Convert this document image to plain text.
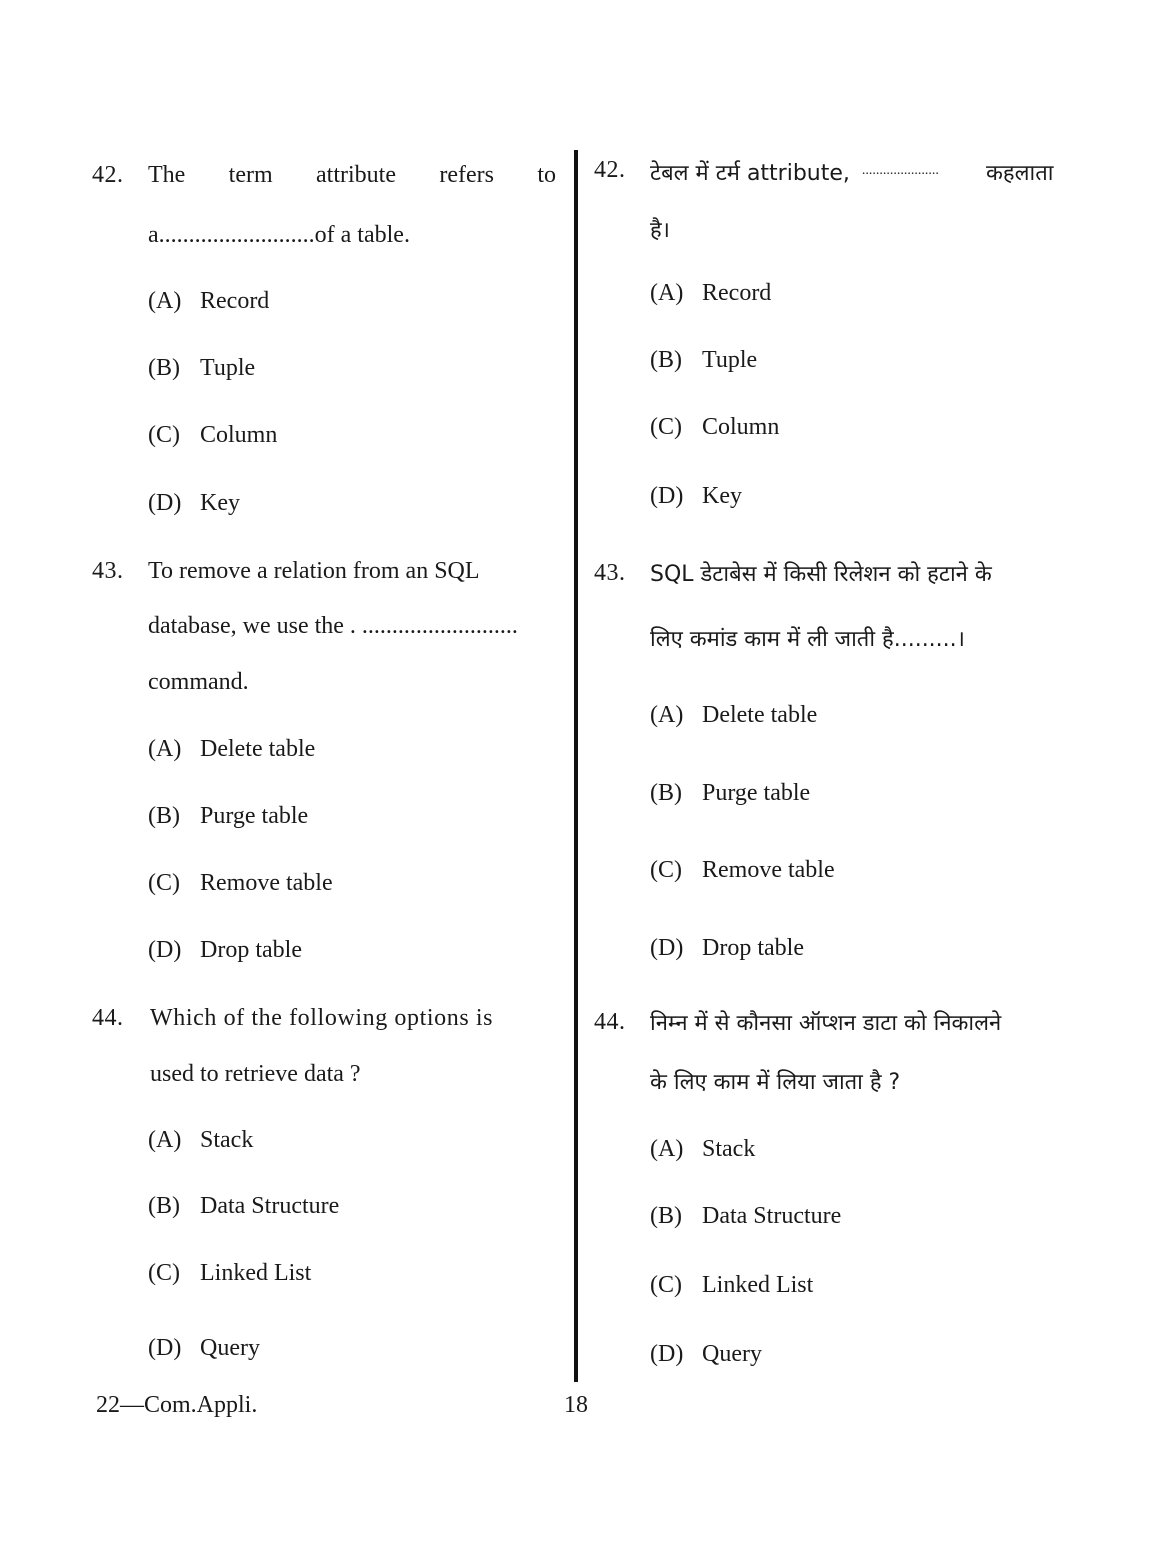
42. The term attribute refers to
a..........................of a table.
(A) Record
(B) Tuple
(C) Column
(D) Key
43. To remove a relation from an SQL
database, we use the . ..........................
command.
(A) Delete table
(B) Purge table
(C) Remove table
(D) Drop table
44. Which of the following options is
used to retrieve data ?
(A) Stack
(B) Data Structure
(C) Linked List
(D) Query
42. टेबल में टर्म attribute, ...................... कहलाता
है।
(A) Record
(B) Tuple
(C) Column
(D) Key
43. SQL डेटाबेस में किसी रिलेशन को हटाने के
लिए कमांड काम में ली जाती है.........।
(A) Delete table
(B) Purge table
(C) Remove table
(D) Drop table
44. निम्न में से कौनसा ऑप्शन डाटा को निकालने
के लिए काम में लिया जाता है ?
(A) Stack
(B) Data Structure
(C) Linked List
(D) Query
22—Com.Appli.	18
